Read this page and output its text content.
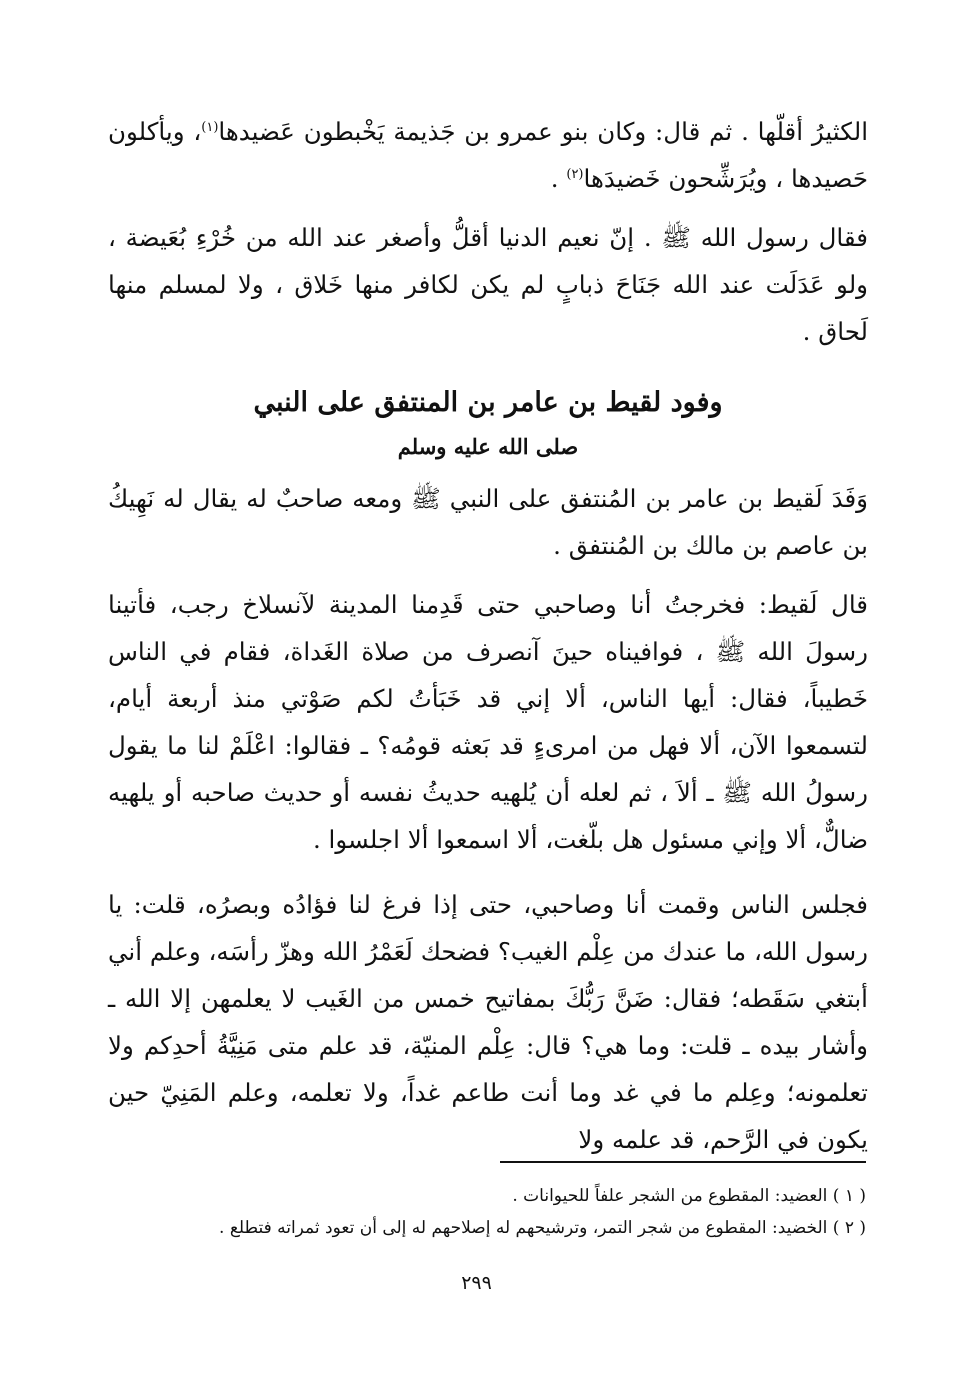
الكثيرُ أقلّها . ثم قال: وكان بنو عمرو بن جَذيمة يَخْبطون عَضيدها$^{(١)}$، ويأكلون حَصيدها ، ويُرَشِّحون خَضيدَها$^{(٢)}$ .

فقال رسول الله ﷺ . إنّ نعيم الدنيا أقلُّ وأصغر عند الله من خُرْءِ بُعَيضة ، ولو عَدَلَت عند الله جَنَاحَ ذبابٍ لم يكن لكافر منها خَلاق ، ولا لمسلم منها لَحاق .

وفود لقيط بن عامر بن المنتفق على النبي
صلى الله عليه وسلم

وَفَدَ لَقيط بن عامر بن المُنتفق على النبي ﷺ ومعه صاحبٌ له يقال له نَهِيكُ بن عاصم بن مالك بن المُنتفق .

قال لَقيط: فخرجتُ أنا وصاحبي حتى قَدِمنا المدينة لآنسلاخ رجب، فأتينا رسولَ الله ﷺ ، فوافيناه حينَ آنصرف من صلاة الغَداة، فقام في الناس خَطيباً، فقال: أيها الناس، ألا إني قد خَبَأتُ لكم صَوْتي منذ أربعة أيام، لتسمعوا الآن، ألا فهل من امرىءٍ قد بَعثه قومُه؟ ـ فقالوا: اعْلَمْ لنا ما يقول رسولُ الله ﷺ ـ ألاَ ، ثم لعله أن يُلهيه حديثُ نفسه أو حديث صاحبه أو يلهيه ضالٌّ، ألا وإني مسئول هل بلّغت، ألا اسمعوا ألا اجلسوا .

فجلس الناس وقمت أنا وصاحبي، حتى إذا فرغ لنا فؤادُه وبصرُه، قلت: يا رسول الله، ما عندك من عِلْم الغيب؟ فضحك لَعَمْرُ الله وهزّ رأسَه، وعلم أني أبتغي سَقَطه؛ فقال: ضَنَّ رَبُّكَ بمفاتيح خمس من الغَيب لا يعلمهن إلا الله ـ وأشار بيده ـ قلت: وما هي؟ قال: عِلْم المنيّة، قد علم متى مَنِيَّةُ أحدِكم ولا تعلمونه؛ وعِلم ما في غد وما أنت طاعم غداً، ولا تعلمه، وعلم المَنِيّ حين يكون في الرَّحم، قد علمه ولا

( ١ ) العضيد: المقطوع من الشجر علفاً للحيوانات .

( ٢ ) الخضيد: المقطوع من شجر التمر، وترشيحهم له إصلاحهم له إلى أن تعود ثمراته فتطلع .

٢٩٩
